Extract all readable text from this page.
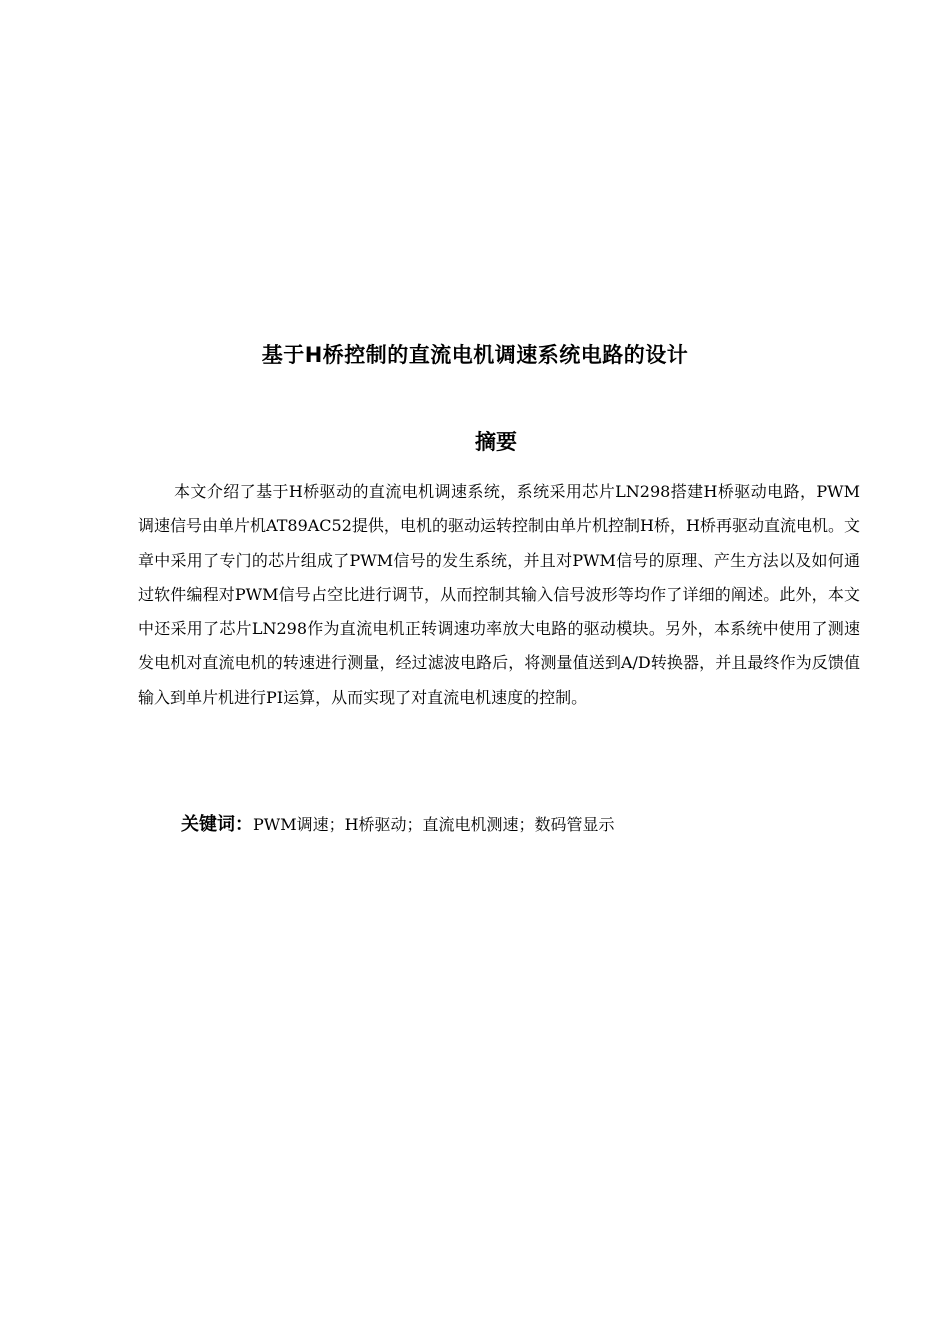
基于H桥控制的直流电机调速系统电路的设计
摘要

本文介绍了基于H桥驱动的直流电机调速系统，系统采用芯片LN298搭建H桥驱动电路，PWM调速信号由单片机AT89AC52提供，电机的驱动运转控制由单片机控制H桥，H桥再驱动直流电机。文章中采用了专门的芯片组成了PWM信号的发生系统，并且对PWM信号的原理、产生方法以及如何通过软件编程对PWM信号占空比进行调节，从而控制其输入信号波形等均作了详细的阐述。此外，本文中还采用了芯片LN298作为直流电机正转调速功率放大电路的驱动模块。另外，本系统中使用了测速发电机对直流电机的转速进行测量，经过滤波电路后，将测量值送到A/D转换器，并且最终作为反馈值输入到单片机进行PI运算，从而实现了对直流电机速度的控制。

关键词：PWM调速；H桥驱动；直流电机测速；数码管显示
